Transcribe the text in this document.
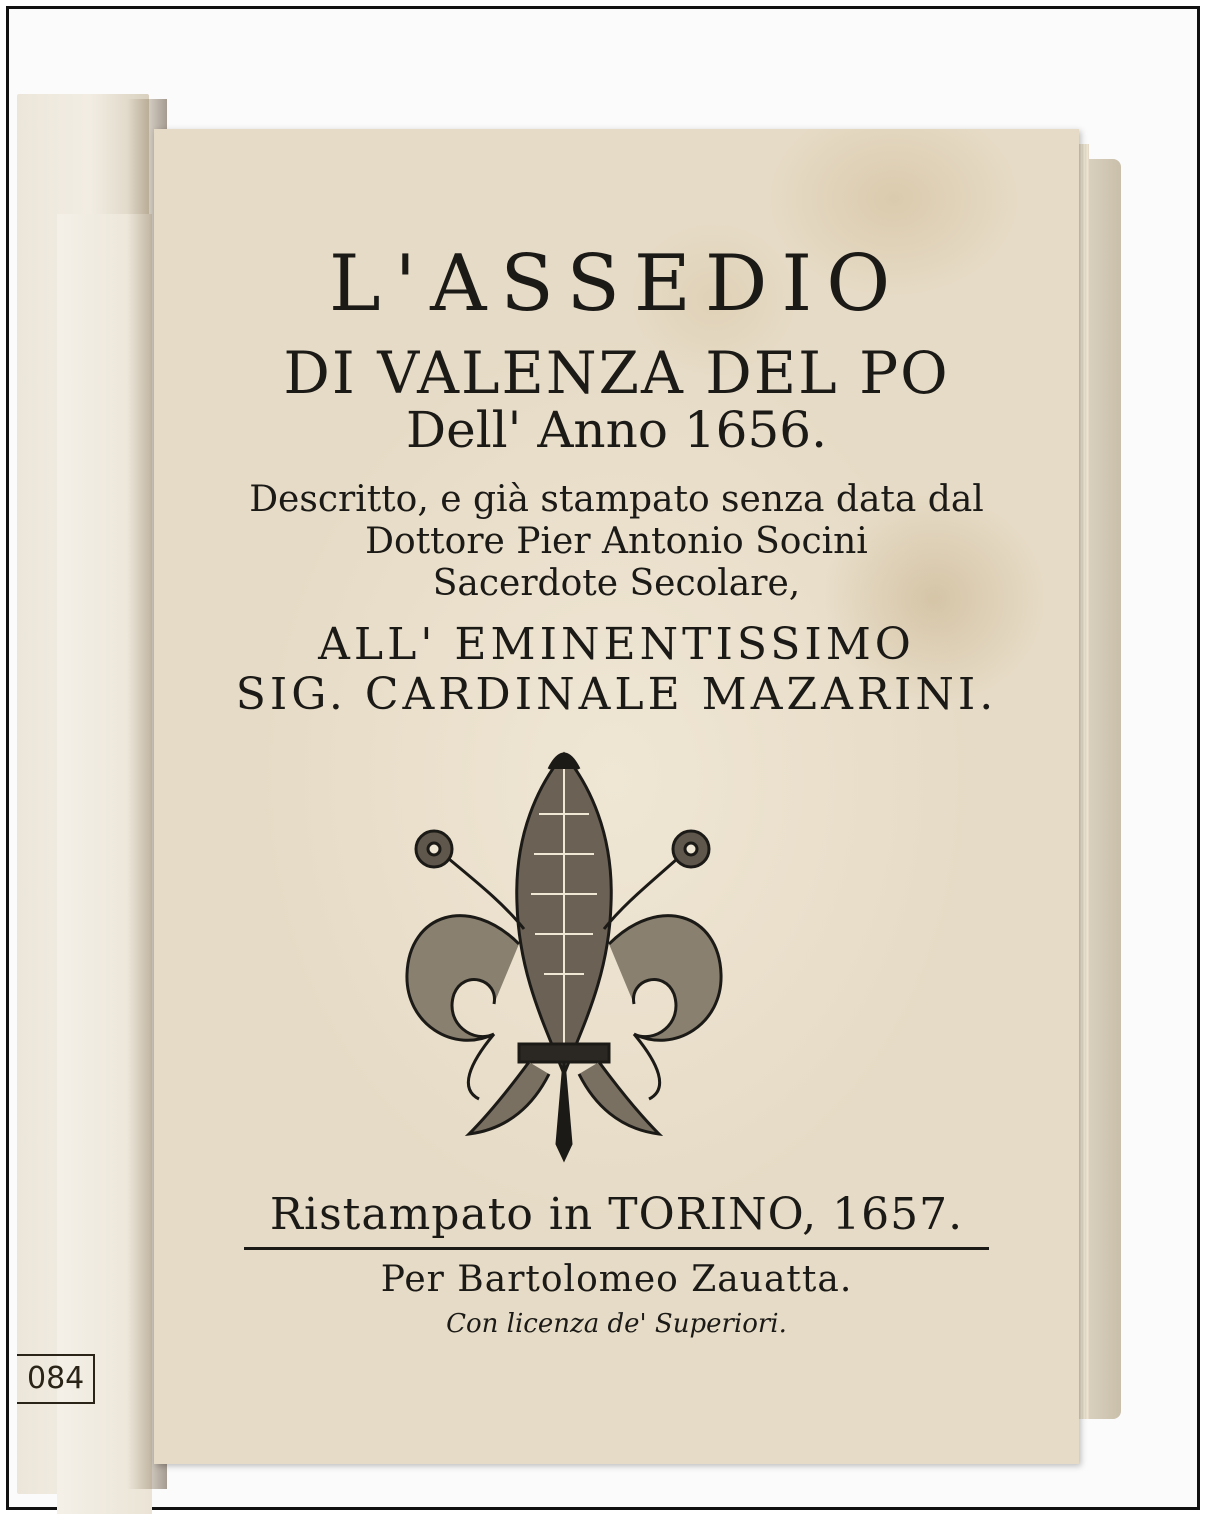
084
L'ASSEDIO
DI VALENZA DEL PO
Dell' Anno 1656.
Descritto, e già stampato senza data dal
Dottore Pier Antonio Socini
Sacerdote Secolare,
ALL' EMINENTISSIMO
SIG. CARDINALE MAZARINI.
Ristampato in TORINO, 1657.
Per Bartolomeo Zauatta.
Con licenza de' Superiori.
